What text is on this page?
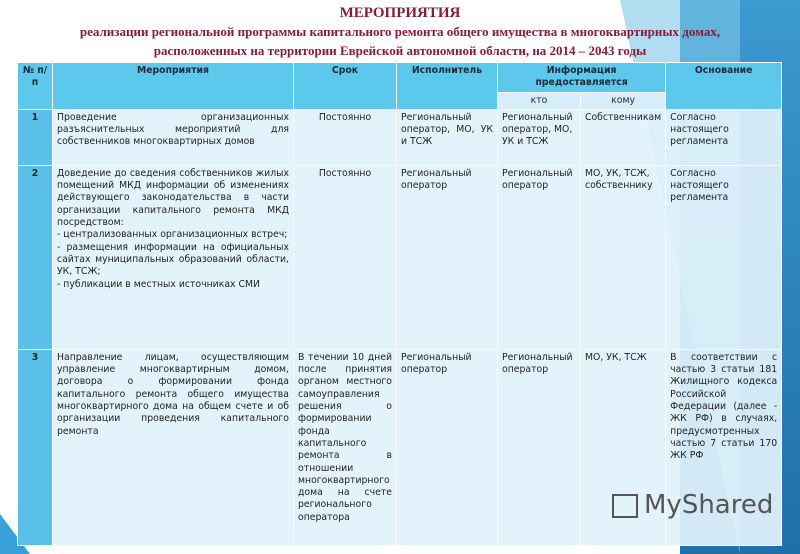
МЕРОПРИЯТИЯ
реализации региональной программы капитального ремонта общего имущества в многоквартирных домах,
расположенных на территории Еврейской автономной области, на 2014 – 2043 годы
№ п/п	Мероприятия	Срок	Исполнитель	Информация предоставляется		Основание
				кто	кому	
1	Проведение организационных разъяснительных мероприятий для собственников многоквартирных домов	Постоянно	Региональный оператор, МО, УК и ТСЖ	Региональный оператор, МО, УК и ТСЖ	Собственникам	Согласно настоящего регламента
2	Доведение до сведения собственников жилых помещений МКД информации об изменениях действующего законодательства в части организации капитального ремонта МКД посредством:
- централизованных организационных встреч;
- размещения информации на официальных сайтах муниципальных образований области, УК, ТСЖ;
- публикации в местных источниках СМИ	Постоянно	Региональный оператор	Региональный оператор	МО, УК, ТСЖ, собственнику	Согласно настоящего регламента
3	Направление лицам, осуществляющим управление многоквартирным домом, договора о формировании фонда капитального ремонта общего имущества многоквартирного дома на общем счете и об организации проведения капитального ремонта	В течении 10 дней после принятия органом местного самоуправления решения о формировании фонда капитального ремонта в отношении многоквартирного дома на счете регионального оператора	Региональный оператор	Региональный оператор	МО, УК, ТСЖ	В соответствии с частью 3 статьи 181 Жилищного кодекса Российской Федерации (далее - ЖК РФ) в случаях, предусмотренных частью 7 статьи 170 ЖК РФ
MyShared
